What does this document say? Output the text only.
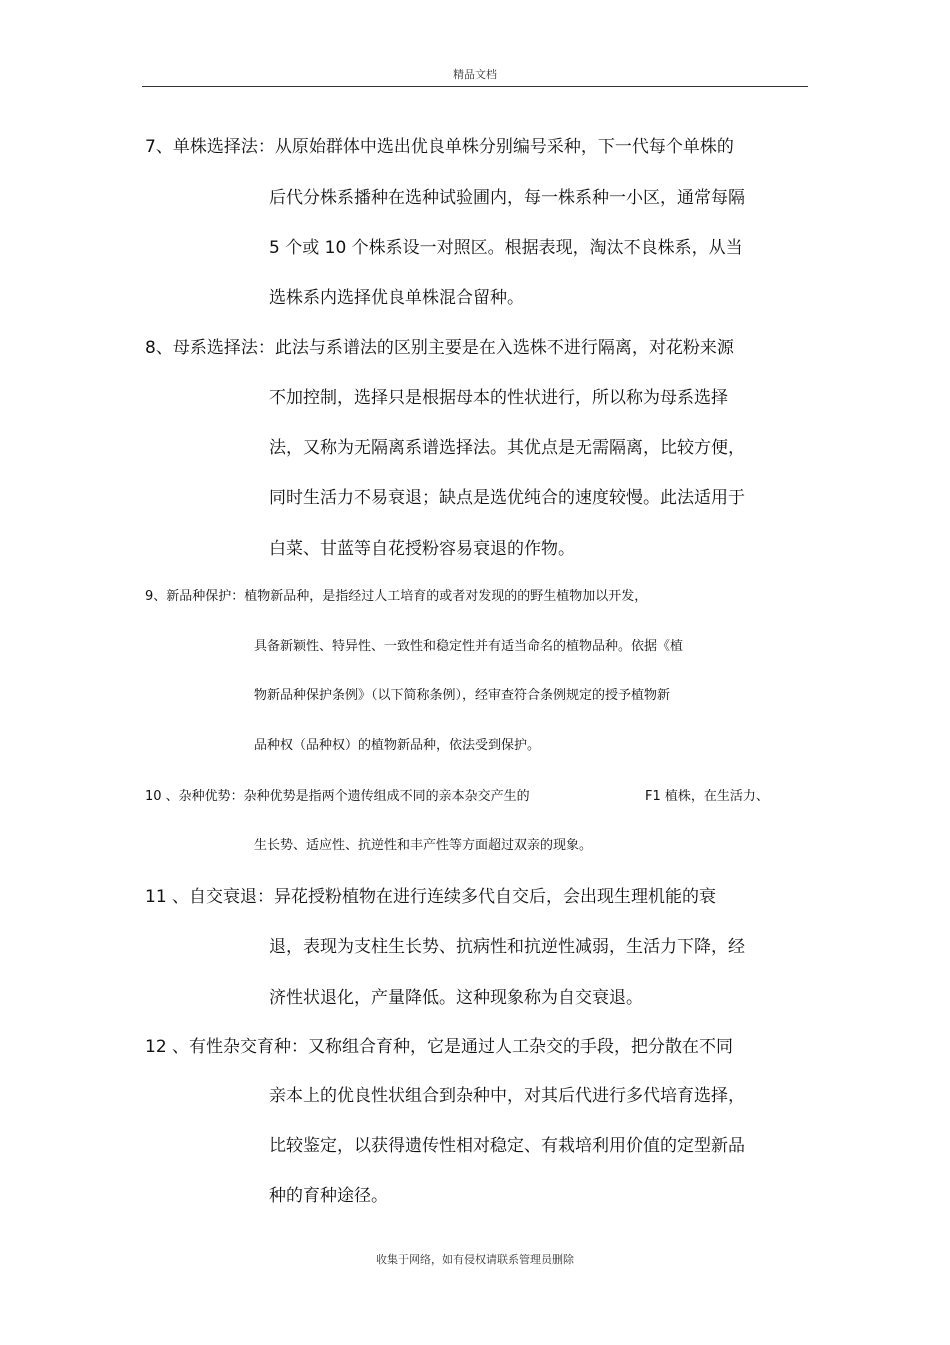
精品文档
7、单株选择法：从原始群体中选出优良单株分别编号采种，下一代每个单株的
后代分株系播种在选种试验圃内，每一株系种一小区，通常每隔
5 个或 10 个株系设一对照区。根据表现，淘汰不良株系，从当
选株系内选择优良单株混合留种。
8、母系选择法：此法与系谱法的区别主要是在入选株不进行隔离，对花粉来源
不加控制，选择只是根据母本的性状进行，所以称为母系选择
法，又称为无隔离系谱选择法。其优点是无需隔离，比较方便，
同时生活力不易衰退；缺点是选优纯合的速度较慢。此法适用于
白菜、甘蓝等自花授粉容易衰退的作物。
9、新品种保护：植物新品种，是指经过人工培育的或者对发现的的野生植物加以开发，
具备新颖性、特异性、一致性和稳定性并有适当命名的植物品种。依据《植
物新品种保护条例》（以下简称条例），经审查符合条例规定的授予植物新
品种权（品种权）的植物新品种，依法受到保护。
10 、杂种优势：杂种优势是指两个遗传组成不同的亲本杂交产生的	F1 植株，在生活力、
生长势、适应性、抗逆性和丰产性等方面超过双亲的现象。
11 、自交衰退：异花授粉植物在进行连续多代自交后，会出现生理机能的衰
退，表现为支柱生长势、抗病性和抗逆性减弱，生活力下降，经
济性状退化，产量降低。这种现象称为自交衰退。
12 、有性杂交育种：又称组合育种，它是通过人工杂交的手段，把分散在不同
亲本上的优良性状组合到杂种中，对其后代进行多代培育选择，
比较鉴定，以获得遗传性相对稳定、有栽培利用价值的定型新品
种的育种途径。
收集于网络，如有侵权请联系管理员删除
